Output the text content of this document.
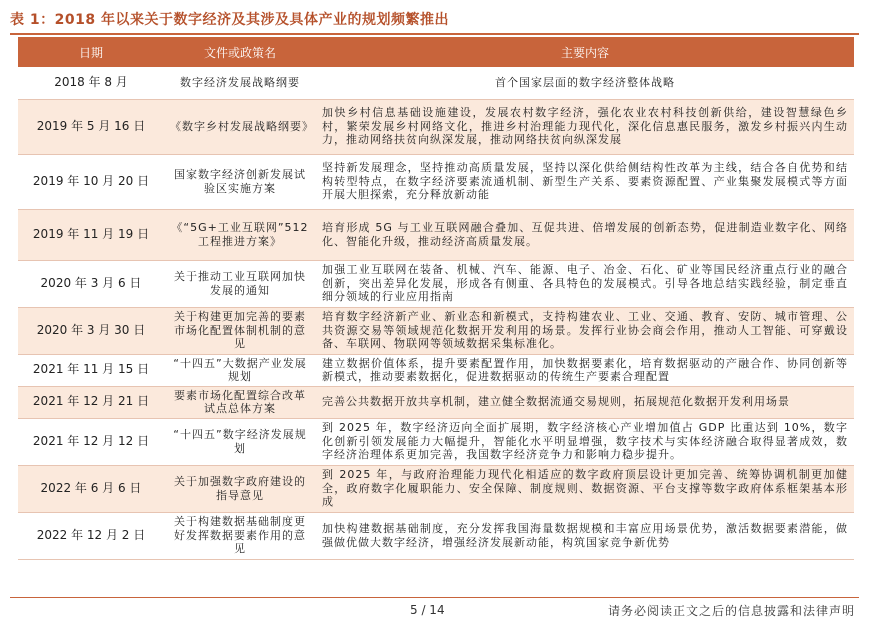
表 1：2018 年以来关于数字经济及其涉及具体产业的规划频繁推出
日期	文件或政策名	主要内容
2018 年 8 月	数字经济发展战略纲要	首个国家层面的数字经济整体战略
2019 年 5 月 16 日	《数字乡村发展战略纲要》	加快乡村信息基础设施建设，发展农村数字经济，强化农业农村科技创新供给，建设智慧绿色乡村，繁荣发展乡村网络文化，推进乡村治理能力现代化，深化信息惠民服务，激发乡村振兴内生动力，推动网络扶贫向纵深发展，推动网络扶贫向纵深发展
2019 年 10 月 20 日	国家数字经济创新发展试验区实施方案	坚持新发展理念，坚持推动高质量发展，坚持以深化供给侧结构性改革为主线，结合各自优势和结构转型特点，在数字经济要素流通机制、新型生产关系、要素资源配置、产业集聚发展模式等方面开展大胆探索，充分释放新动能
2019 年 11 月 19 日	《“5G+工业互联网”512 工程推进方案》	培育形成 5G 与工业互联网融合叠加、互促共进、倍增发展的创新态势，促进制造业数字化、网络化、智能化升级，推动经济高质量发展。
2020 年 3 月 6 日	关于推动工业互联网加快发展的通知	加强工业互联网在装备、机械、汽车、能源、电子、冶金、石化、矿业等国民经济重点行业的融合创新，突出差异化发展，形成各有侧重、各具特色的发展模式。引导各地总结实践经验，制定垂直细分领域的行业应用指南
2020 年 3 月 30 日	关于构建更加完善的要素市场化配置体制机制的意见	培育数字经济新产业、新业态和新模式，支持构建农业、工业、交通、教育、安防、城市管理、公共资源交易等领域规范化数据开发利用的场景。发挥行业协会商会作用，推动人工智能、可穿戴设备、车联网、物联网等领域数据采集标准化。
2021 年 11 月 15 日	“十四五”大数据产业发展规划	建立数据价值体系，提升要素配置作用，加快数据要素化，培育数据驱动的产融合作、协同创新等新模式，推动要素数据化，促进数据驱动的传统生产要素合理配置
2021 年 12 月 21 日	要素市场化配置综合改革试点总体方案	完善公共数据开放共享机制，建立健全数据流通交易规则，拓展规范化数据开发利用场景
2021 年 12 月 12 日	“十四五”数字经济发展规划	到 2025 年，数字经济迈向全面扩展期，数字经济核心产业增加值占 GDP 比重达到 10%，数字化创新引领发展能力大幅提升，智能化水平明显增强，数字技术与实体经济融合取得显著成效，数字经济治理体系更加完善，我国数字经济竞争力和影响力稳步提升。
2022 年 6 月 6 日	关于加强数字政府建设的指导意见	到 2025 年，与政府治理能力现代化相适应的数字政府顶层设计更加完善、统筹协调机制更加健全，政府数字化履职能力、安全保障、制度规则、数据资源、平台支撑等数字政府体系框架基本形成
2022 年 12 月 2 日	关于构建数据基础制度更好发挥数据要素作用的意见	加快构建数据基础制度，充分发挥我国海量数据规模和丰富应用场景优势，激活数据要素潜能，做强做优做大数字经济，增强经济发展新动能，构筑国家竞争新优势
5 / 14	请务必阅读正文之后的信息披露和法律声明
